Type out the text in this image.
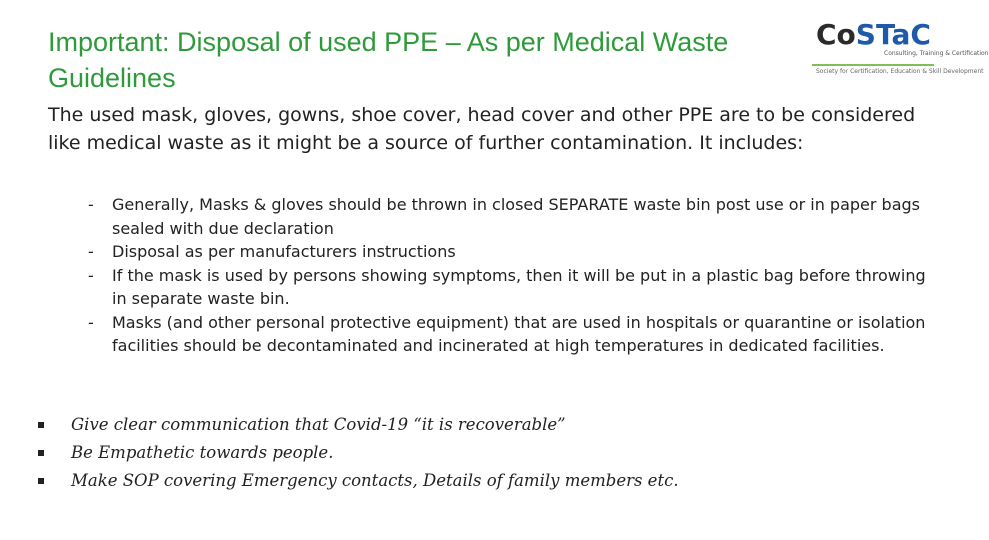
Important: Disposal of used PPE – As per Medical Waste Guidelines
CoSTaC
Consulting, Training & Certification
Society for Certification, Education & Skill Development

The used mask, gloves, gowns, shoe cover, head cover and other PPE are to be considered like medical waste as it might be a source of further contamination. It includes:

- Generally, Masks & gloves should be thrown in closed SEPARATE waste bin post use or in paper bags sealed with due declaration
- Disposal as per manufacturers instructions
- If the mask is used by persons showing symptoms, then it will be put in a plastic bag before throwing in separate waste bin.
- Masks (and other personal protective equipment) that are used in hospitals or quarantine or isolation facilities should be decontaminated and incinerated at high temperatures in dedicated facilities.
Give clear communication that Covid-19 “it is recoverable”
Be Empathetic towards people.
Make SOP covering Emergency contacts, Details of family members etc.
